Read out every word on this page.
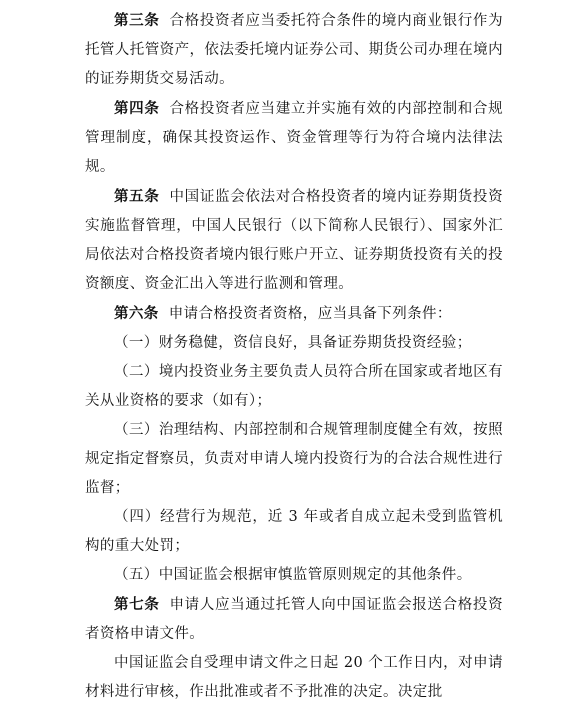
第三条 合格投资者应当委托符合条件的境内商业银行作为托管人托管资产，依法委托境内证券公司、期货公司办理在境内的证券期货交易活动。

第四条 合格投资者应当建立并实施有效的内部控制和合规管理制度，确保其投资运作、资金管理等行为符合境内法律法规。

第五条 中国证监会依法对合格投资者的境内证券期货投资实施监督管理，中国人民银行（以下简称人民银行）、国家外汇局依法对合格投资者境内银行账户开立、证券期货投资有关的投资额度、资金汇出入等进行监测和管理。

第六条 申请合格投资者资格，应当具备下列条件：

（一）财务稳健，资信良好，具备证券期货投资经验；

（二）境内投资业务主要负责人员符合所在国家或者地区有关从业资格的要求（如有）；

（三）治理结构、内部控制和合规管理制度健全有效，按照规定指定督察员，负责对申请人境内投资行为的合法合规性进行监督；

（四）经营行为规范，近 3 年或者自成立起未受到监管机构的重大处罚；

（五）中国证监会根据审慎监管原则规定的其他条件。

第七条 申请人应当通过托管人向中国证监会报送合格投资者资格申请文件。

中国证监会自受理申请文件之日起 20 个工作日内，对申请材料进行审核，作出批准或者不予批准的决定。决定批
